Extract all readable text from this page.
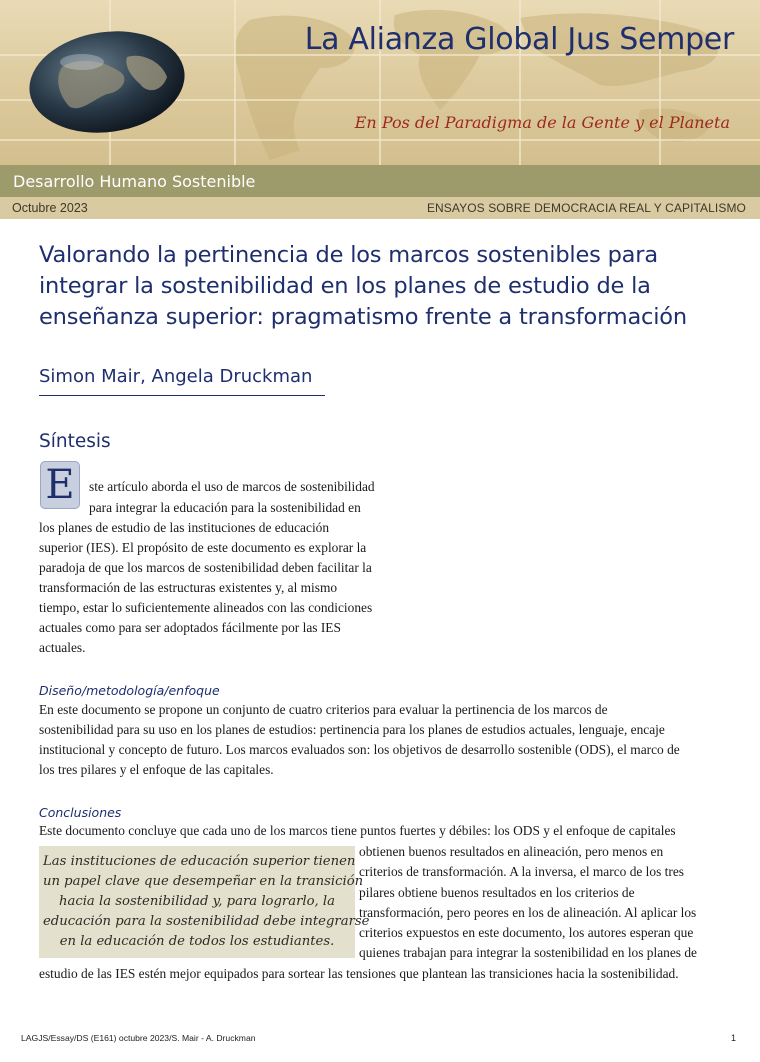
La Alianza Global Jus Semper
En Pos del Paradigma de la Gente y el Planeta
Desarrollo Humano Sostenible
Octubre 2023	ENSAYOS SOBRE DEMOCRACIA REAL Y CAPITALISMO
Valorando la pertinencia de los marcos sostenibles para
integrar la sostenibilidad en los planes de estudio de la
enseñanza superior: pragmatismo frente a transformación
Simon Mair, Angela Druckman
Síntesis
E	ste artículo aborda el uso de marcos de sostenibilidad
para integrar la educación para la sostenibilidad en
los planes de estudio de las instituciones de educación
superior (IES). El propósito de este documento es explorar la
paradoja de que los marcos de sostenibilidad deben facilitar la
transformación de las estructuras existentes y, al mismo
tiempo, estar lo suficientemente alineados con las condiciones
actuales como para ser adoptados fácilmente por las IES
actuales.
Diseño/metodología/enfoque
En este documento se propone un conjunto de cuatro criterios para evaluar la pertinencia de los marcos de
sostenibilidad para su uso en los planes de estudios: pertinencia para los planes de estudios actuales, lenguaje, encaje
institucional y concepto de futuro. Los marcos evaluados son: los objetivos de desarrollo sostenible (ODS), el marco de
los tres pilares y el enfoque de las capitales.
Conclusiones
Este documento concluye que cada uno de los marcos tiene puntos fuertes y débiles: los ODS y el enfoque de capitales
Las instituciones de educación superior tienen
un papel clave que desempeñar en la transición
hacia la sostenibilidad y, para lograrlo, la
educación para la sostenibilidad debe integrarse
en la educación de todos los estudiantes.
obtienen buenos resultados en alineación, pero menos en
criterios de transformación. A la inversa, el marco de los tres
pilares obtiene buenos resultados en los criterios de
transformación, pero peores en los de alineación. Al aplicar los
criterios expuestos en este documento, los autores esperan que
quienes trabajan para integrar la sostenibilidad en los planes de
estudio de las IES estén mejor equipados para sortear las tensiones que plantean las transiciones hacia la sostenibilidad.
LAGJS/Essay/DS (E161) octubre 2023/S. Mair - A. Druckman	1
